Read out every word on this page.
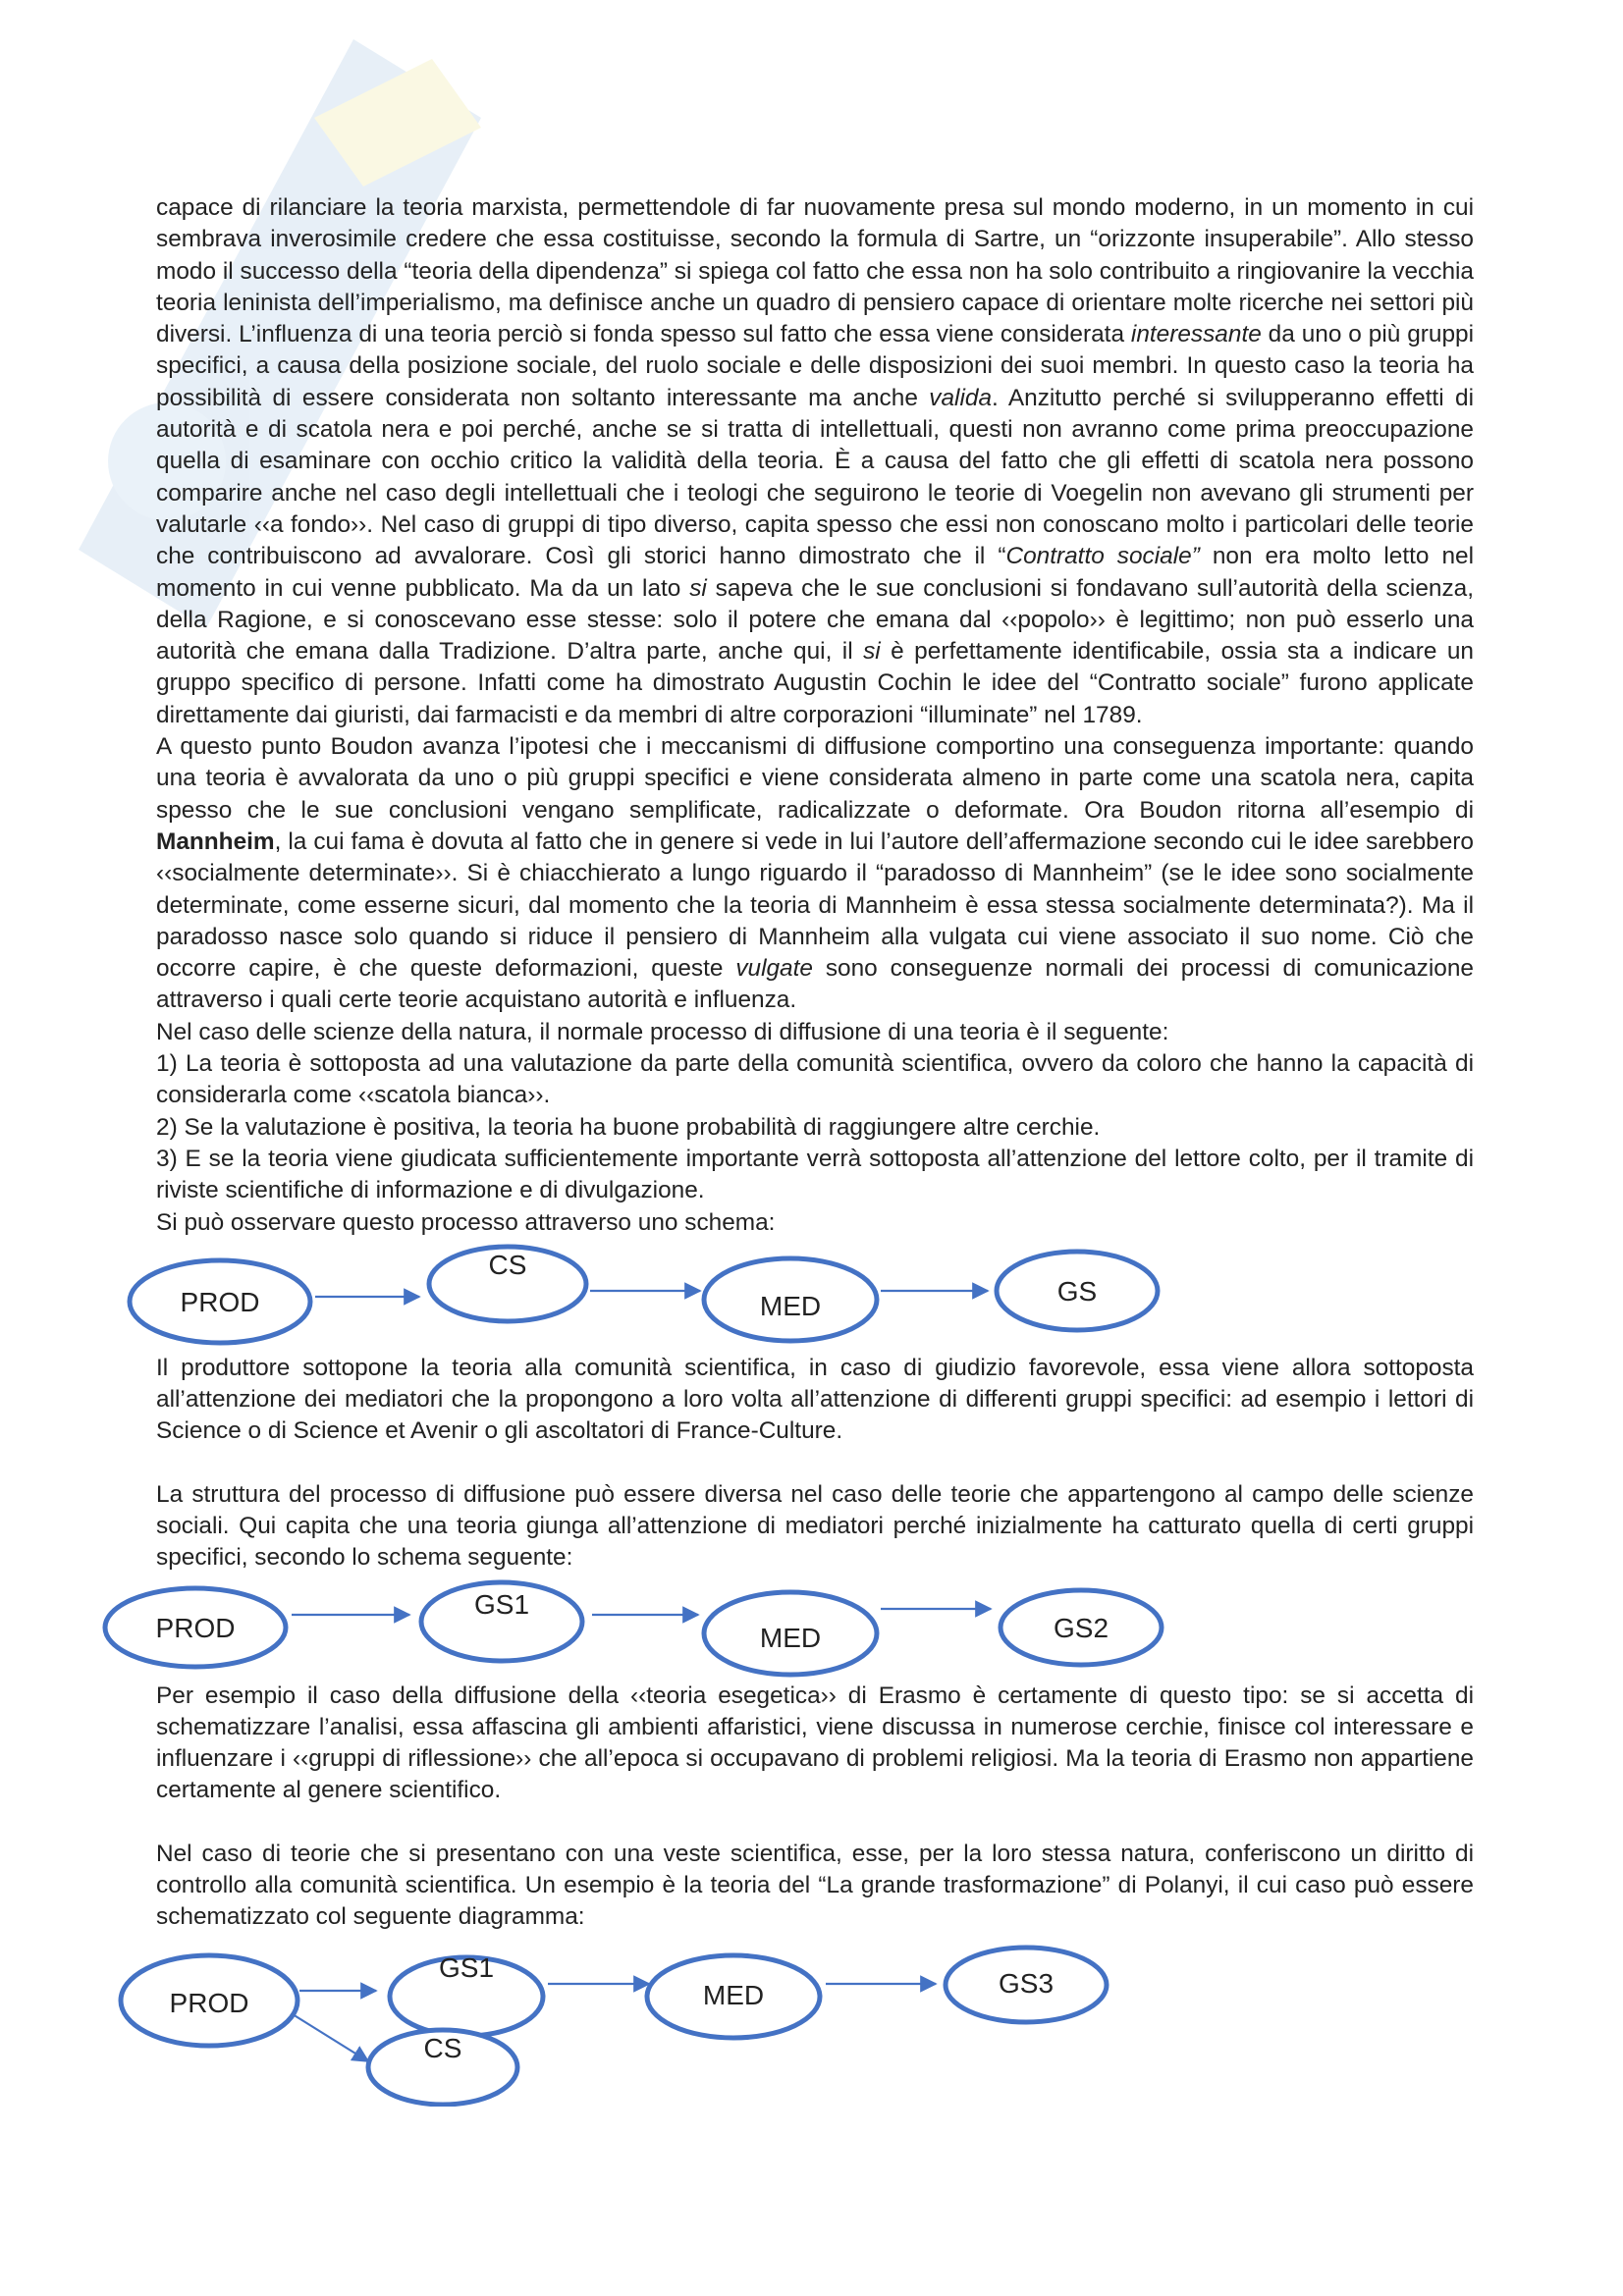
capace di rilanciare la teoria marxista, permettendole di far nuovamente presa sul mondo moderno, in un momento in cui sembrava inverosimile credere che essa costituisse, secondo la formula di Sartre, un “orizzonte insuperabile”. Allo stesso modo il successo della “teoria della dipendenza” si spiega col fatto che essa non ha solo contribuito a ringiovanire la vecchia teoria leninista dell’imperialismo, ma definisce anche un quadro di pensiero capace di orientare molte ricerche nei settori più diversi. L’influenza di una teoria perciò si fonda spesso sul fatto che essa viene considerata interessante da uno o più gruppi specifici, a causa della posizione sociale, del ruolo sociale e delle disposizioni dei suoi membri. In questo caso la teoria ha possibilità di essere considerata non soltanto interessante ma anche valida. Anzitutto perché si svilupperanno effetti di autorità e di scatola nera e poi perché, anche se si tratta di intellettuali, questi non avranno come prima preoccupazione quella di esaminare con occhio critico la validità della teoria. È a causa del fatto che gli effetti di scatola nera possono comparire anche nel caso degli intellettuali che i teologi che seguirono le teorie di Voegelin non avevano gli strumenti per valutarle ‹‹a fondo››. Nel caso di gruppi di tipo diverso, capita spesso che essi non conoscano molto i particolari delle teorie che contribuiscono ad avvalorare. Così gli storici hanno dimostrato che il “Contratto sociale” non era molto letto nel momento in cui venne pubblicato. Ma da un lato si sapeva che le sue conclusioni si fondavano sull’autorità della scienza, della Ragione, e si conoscevano esse stesse: solo il potere che emana dal ‹‹popolo›› è legittimo; non può esserlo una autorità che emana dalla Tradizione. D’altra parte, anche qui, il si è perfettamente identificabile, ossia sta a indicare un gruppo specifico di persone. Infatti come ha dimostrato Augustin Cochin le idee del “Contratto sociale” furono applicate direttamente dai giuristi, dai farmacisti e da membri di altre corporazioni “illuminate” nel 1789.

A questo punto Boudon avanza l’ipotesi che i meccanismi di diffusione comportino una conseguenza importante: quando una teoria è avvalorata da uno o più gruppi specifici e viene considerata almeno in parte come una scatola nera, capita spesso che le sue conclusioni vengano semplificate, radicalizzate o deformate. Ora Boudon ritorna all’esempio di Mannheim, la cui fama è dovuta al fatto che in genere si vede in lui l’autore dell’affermazione secondo cui le idee sarebbero ‹‹socialmente determinate››. Si è chiacchierato a lungo riguardo il “paradosso di Mannheim” (se le idee sono socialmente determinate, come esserne sicuri, dal momento che la teoria di Mannheim è essa stessa socialmente determinata?). Ma il paradosso nasce solo quando si riduce il pensiero di Mannheim alla vulgata cui viene associato il suo nome. Ciò che occorre capire, è che queste deformazioni, queste vulgate sono conseguenze normali dei processi di comunicazione attraverso i quali certe teorie acquistano autorità e influenza.

Nel caso delle scienze della natura, il normale processo di diffusione di una teoria è il seguente:

1) La teoria è sottoposta ad una valutazione da parte della comunità scientifica, ovvero da coloro che hanno la capacità di considerarla come ‹‹scatola bianca››.

2) Se la valutazione è positiva, la teoria ha buone probabilità di raggiungere altre cerchie.

3) E se la teoria viene giudicata sufficientemente importante verrà sottoposta all’attenzione del lettore colto, per il tramite di riviste scientifiche di informazione e di divulgazione.

Si può osservare questo processo attraverso uno schema:

PROD
CS
MED	GS

Il produttore sottopone la teoria alla comunità scientifica, in caso di giudizio favorevole, essa viene allora sottoposta all’attenzione dei mediatori che la propongono a loro volta all’attenzione di differenti gruppi specifici: ad esempio i lettori di Science o di Science et Avenir o gli ascoltatori di France-Culture.

La struttura del processo di diffusione può essere diversa nel caso delle teorie che appartengono al campo delle scienze sociali. Qui capita che una teoria giunga all’attenzione di mediatori perché inizialmente ha catturato quella di certi gruppi specifici, secondo lo schema seguente:

PROD
GS1
MED	GS2

Per esempio il caso della diffusione della ‹‹teoria esegetica›› di Erasmo è certamente di questo tipo: se si accetta di schematizzare l’analisi, essa affascina gli ambienti affaristici, viene discussa in numerose cerchie, finisce col interessare e influenzare i ‹‹gruppi di riflessione›› che all’epoca si occupavano di problemi religiosi. Ma la teoria di Erasmo non appartiene certamente al genere scientifico.

Nel caso di teorie che si presentano con una veste scientifica, esse, per la loro stessa natura, conferiscono un diritto di controllo alla comunità scientifica. Un esempio è la teoria del “La grande trasformazione” di Polanyi, il cui caso può essere schematizzato col seguente diagramma:

PROD
GS1
CS
MED	GS3
